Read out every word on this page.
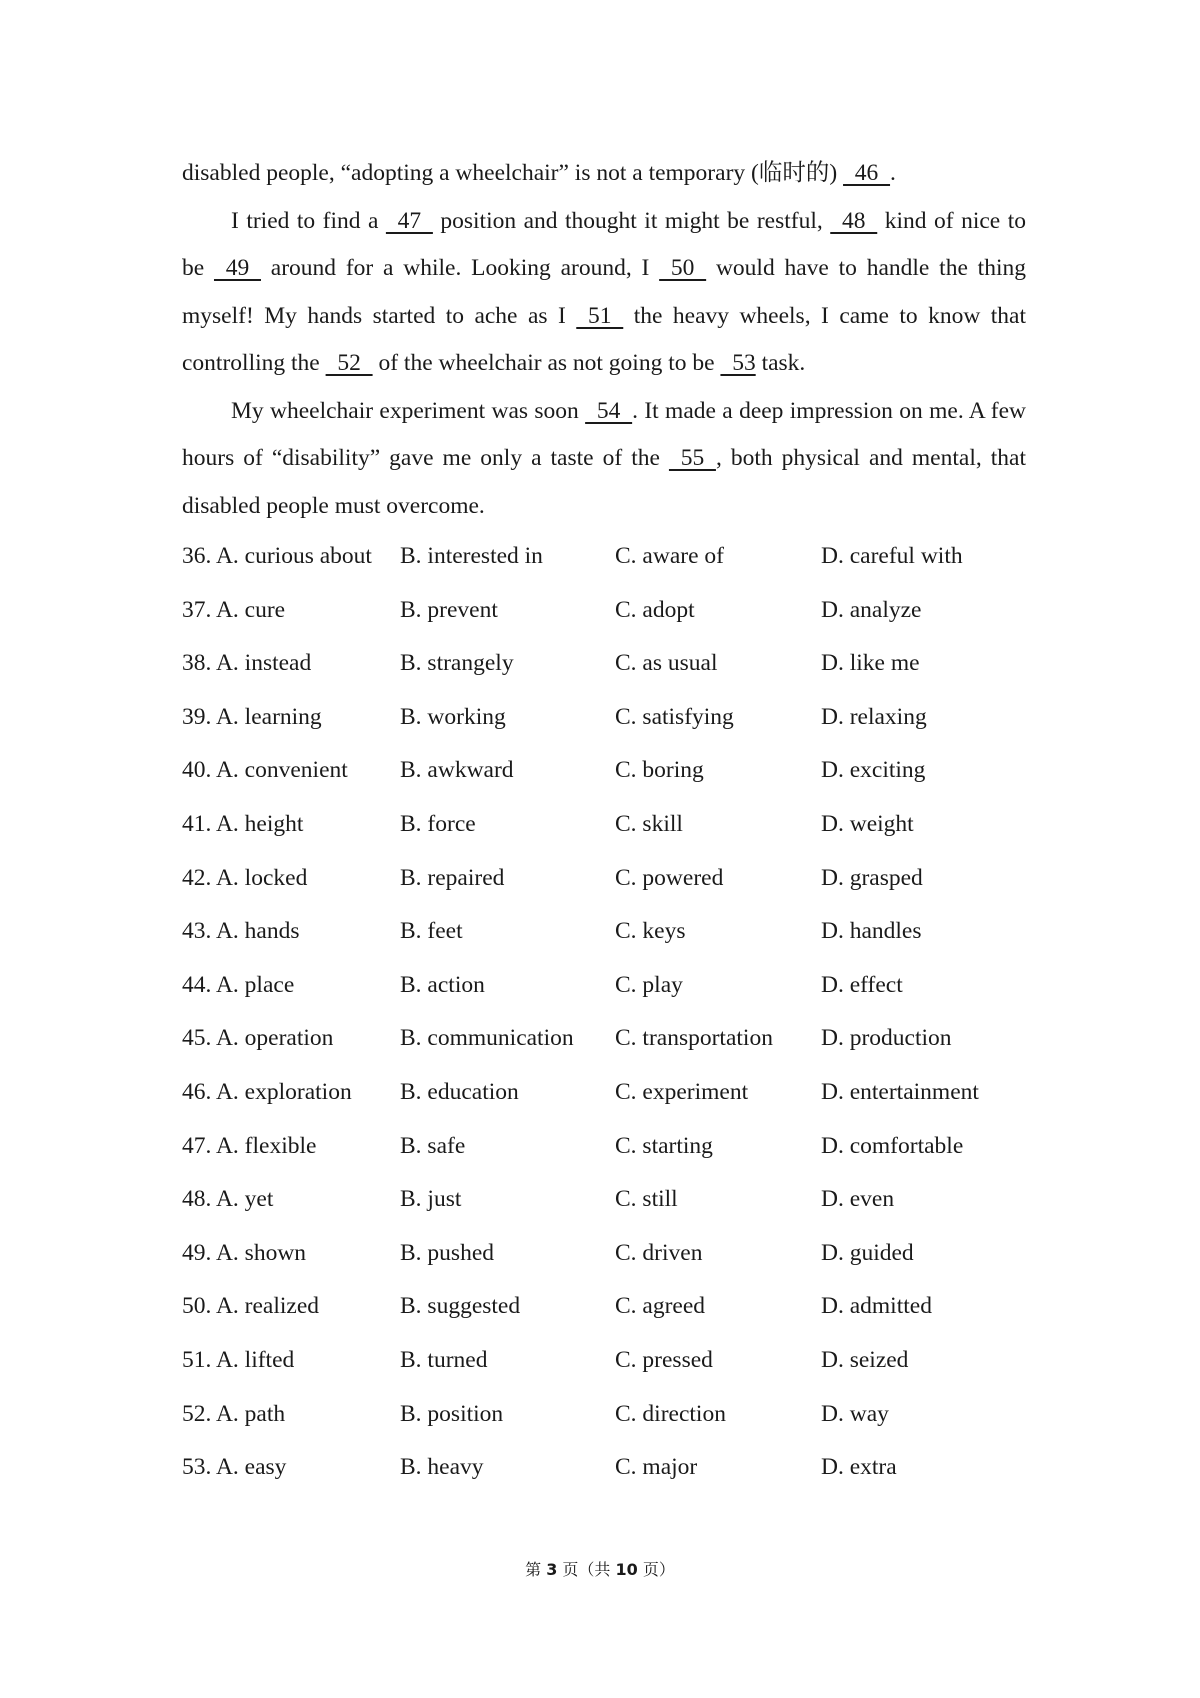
disabled people, “adopting a wheelchair” is not a temporary (临时的)   46  .

I tried to find a   47   position and thought it might be restful,   48   kind of nice to be   49   around for a while. Looking around, I   50   would have to handle the thing myself! My hands started to ache as I   51   the heavy wheels, I came to know that controlling the   52   of the wheelchair as not going to be   53 task.

My wheelchair experiment was soon   54  . It made a deep impression on me. A few hours of “disability” gave me only a taste of the   55  , both physical and mental, that disabled people must overcome.

36. A. curious about B. interested in	C. aware of	D. careful with
37. A. cure	B. prevent	C. adopt	D. analyze
38. A. instead	B. strangely	C. as usual	D. like me
39. A. learning	B. working	C. satisfying	D. relaxing
40. A. convenient B. awkward	C. boring	D. exciting
41. A. height	B. force	C. skill	D. weight
42. A. locked	B. repaired	C. powered	D. grasped
43. A. hands	B. feet	C. keys	D. handles
44. A. place	B. action	C. play	D. effect
45. A. operation	B. communication C. transportation D. production
46. A. exploration B. education	C. experiment	D. entertainment
47. A. flexible	B. safe	C. starting	D. comfortable
48. A. yet	B. just	C. still	D. even
49. A. shown	B. pushed	C. driven	D. guided
50. A. realized	B. suggested	C. agreed	D. admitted
51. A. lifted	B. turned	C. pressed	D. seized
52. A. path	B. position	C. direction	D. way
53. A. easy	B. heavy	C. major	D. extra
第 3 页（共 10 页）
